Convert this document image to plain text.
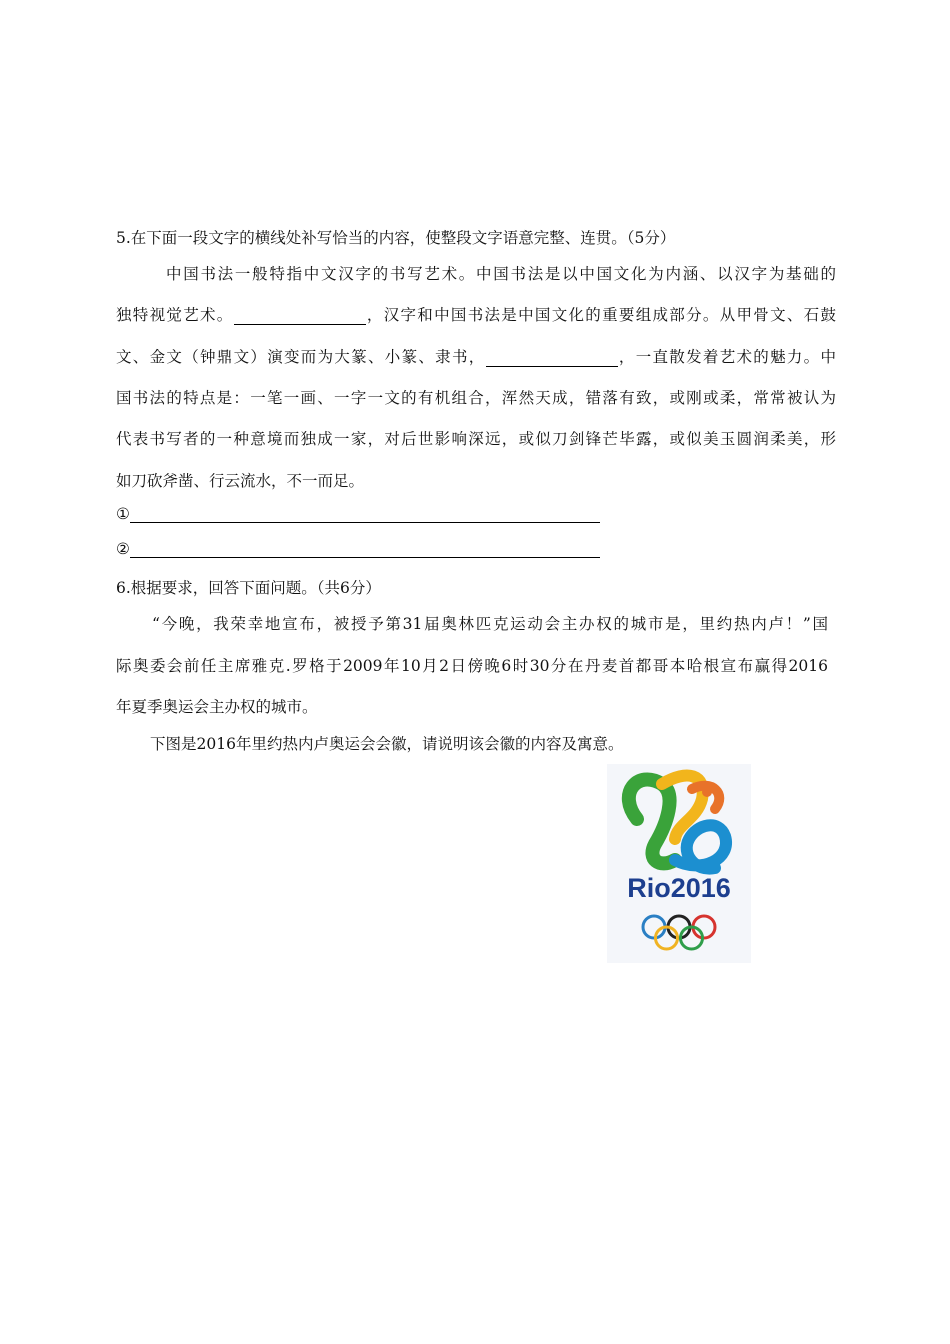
5.在下面一段文字的横线处补写恰当的内容，使整段文字语意完整、连贯。（5分）
中国书法一般特指中文汉字的书写艺术。中国书法是以中国文化为内涵、以汉字为基础的
独特视觉艺术。	，汉字和中国书法是中国文化的重要组成部分。从甲骨文、石鼓
文、金文（钟鼎文）演变而为大篆、小篆、隶书，	，一直散发着艺术的魅力。中
国书法的特点是：一笔一画、一字一文的有机组合，浑然天成，错落有致，或刚或柔，常常被认为
代表书写者的一种意境而独成一家，对后世影响深远，或似刀剑锋芒毕露，或似美玉圆润柔美，形
如刀砍斧凿、行云流水，不一而足。
①
②
6.根据要求，回答下面问题。（共6分）
“今晚，我荣幸地宣布，被授予第31届奥林匹克运动会主办权的城市是，里约热内卢！”国
际奥委会前任主席雅克.罗格于2009年10月2日傍晚6时30分在丹麦首都哥本哈根宣布赢得2016
年夏季奥运会主办权的城市。
下图是2016年里约热内卢奥运会会徽，请说明该会徽的内容及寓意。
Rio2016
